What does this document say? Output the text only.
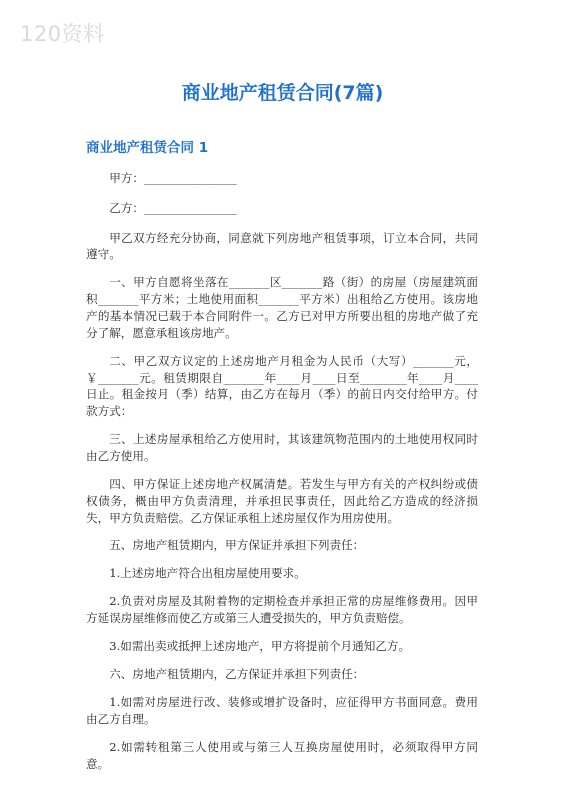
120资料
商业地产租赁合同(7篇)
商业地产租赁合同 1

甲方：________________

乙方：________________

甲乙双方经充分协商，同意就下列房地产租赁事项，订立本合同，共同遵守。

一、甲方自愿将坐落在_______区_______路（街）的房屋（房屋建筑面积_______平方米；土地使用面积_______平方米）出租给乙方使用。该房地产的基本情况已载于本合同附件一。乙方已对甲方所要出租的房地产做了充分了解，愿意承租该房地产。

二、甲乙双方议定的上述房地产月租金为人民币（大写）_______元，￥_______元。租赁期限自_______年____月____日至________年____月____日止。租金按月（季）结算，由乙方在每月（季）的前日内交付给甲方。付款方式：

三、上述房屋承租给乙方使用时，其该建筑物范围内的土地使用权同时由乙方使用。

四、甲方保证上述房地产权属清楚。若发生与甲方有关的产权纠纷或债权债务，概由甲方负责清理，并承担民事责任，因此给乙方造成的经济损失，甲方负责赔偿。乙方保证承租上述房屋仅作为用房使用。

五、房地产租赁期内，甲方保证并承担下列责任：

1.上述房地产符合出租房屋使用要求。

2.负责对房屋及其附着物的定期检查并承担正常的房屋维修费用。因甲方延误房屋维修而使乙方或第三人遭受损失的，甲方负责赔偿。

3.如需出卖或抵押上述房地产，甲方将提前个月通知乙方。

六、房地产租赁期内，乙方保证并承担下列责任：

1.如需对房屋进行改、装修或增扩设备时，应征得甲方书面同意。费用由乙方自理。

2.如需转租第三人使用或与第三人互换房屋使用时，必须取得甲方同意。
